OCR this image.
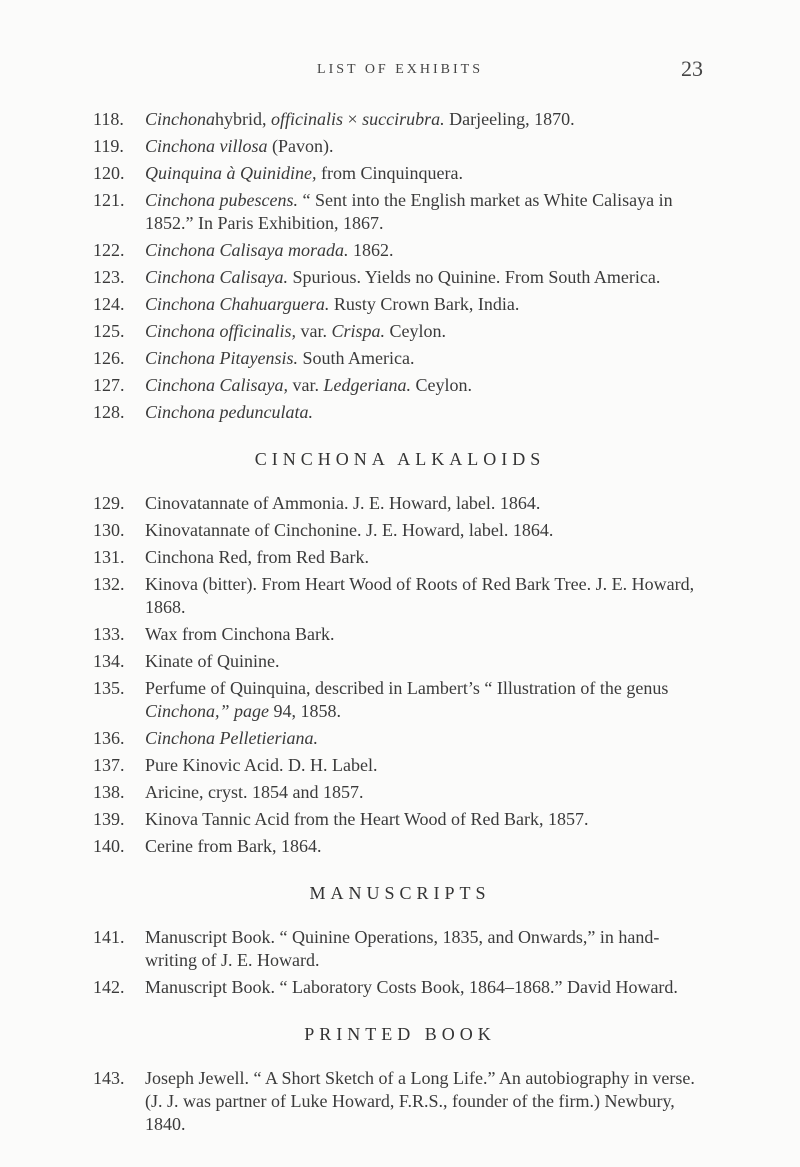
LIST OF EXHIBITS	23
118. Cinchonahybrid, officinalis × succirubra. Darjeeling, 1870.
119. Cinchona villosa (Pavon).
120. Quinquina à Quinidine, from Cinquinquera.
121. Cinchona pubescens. “ Sent into the English market as White Calisaya in 1852.” In Paris Exhibition, 1867.
122. Cinchona Calisaya morada. 1862.
123. Cinchona Calisaya. Spurious. Yields no Quinine. From South America.
124. Cinchona Chahuarguera. Rusty Crown Bark, India.
125. Cinchona officinalis, var. Crispa. Ceylon.
126. Cinchona Pitayensis. South America.
127. Cinchona Calisaya, var. Ledgeriana. Ceylon.
128. Cinchona pedunculata.
CINCHONA ALKALOIDS
129. Cinovatannate of Ammonia. J. E. Howard, label. 1864.
130. Kinovatannate of Cinchonine. J. E. Howard, label. 1864.
131. Cinchona Red, from Red Bark.
132. Kinova (bitter). From Heart Wood of Roots of Red Bark Tree. J. E. Howard, 1868.
133. Wax from Cinchona Bark.
134. Kinate of Quinine.
135. Perfume of Quinquina, described in Lambert’s “ Illustration of the genus Cinchona,” page 94, 1858.
136. Cinchona Pelletieriana.
137. Pure Kinovic Acid. D. H. Label.
138. Aricine, cryst. 1854 and 1857.
139. Kinova Tannic Acid from the Heart Wood of Red Bark, 1857.
140. Cerine from Bark, 1864.
MANUSCRIPTS
141. Manuscript Book. “ Quinine Operations, 1835, and Onwards,” in hand-writing of J. E. Howard.
142. Manuscript Book. “ Laboratory Costs Book, 1864–1868.” David Howard.
PRINTED BOOK
143. Joseph Jewell. “ A Short Sketch of a Long Life.” An autobiography in verse. (J. J. was partner of Luke Howard, F.R.S., founder of the firm.) Newbury, 1840.
